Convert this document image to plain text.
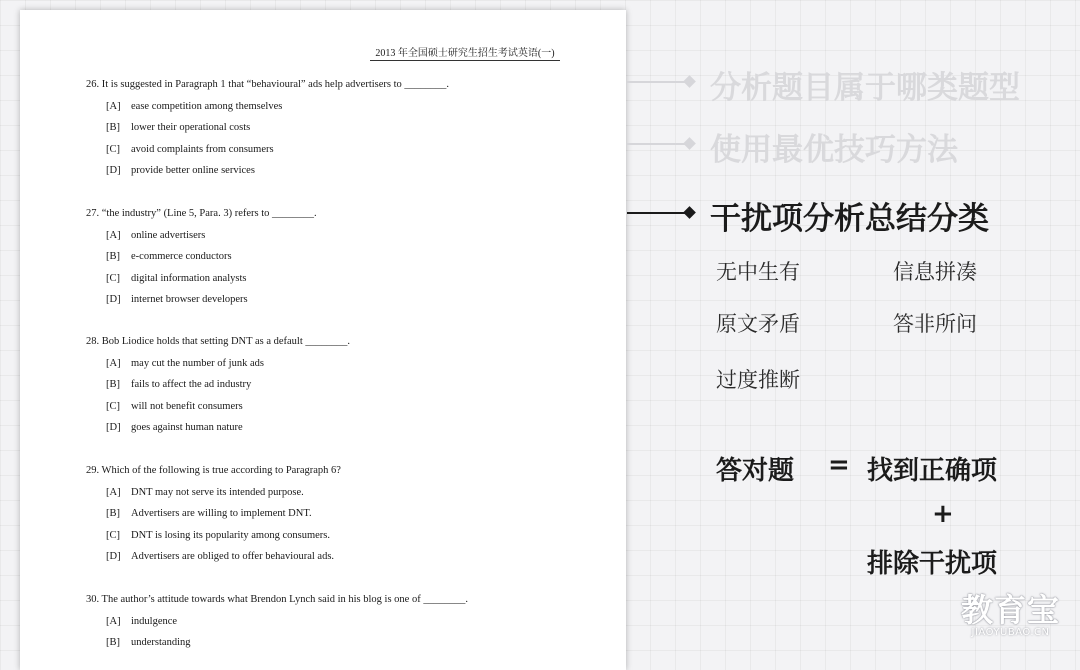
2013 年全国硕士研究生招生考试英语(一)
26. It is suggested in Paragraph 1 that “behavioural” ads help advertisers to ________.
[A] ease competition among themselves
[B] lower their operational costs
[C] avoid complaints from consumers
[D] provide better online services
27. “the industry” (Line 5, Para. 3) refers to ________.
[A] online advertisers
[B] e-commerce conductors
[C] digital information analysts
[D] internet browser developers
28. Bob Liodice holds that setting DNT as a default ________.
[A] may cut the number of junk ads
[B] fails to affect the ad industry
[C] will not benefit consumers
[D] goes against human nature
29. Which of the following is true according to Paragraph 6?
[A] DNT may not serve its intended purpose.
[B] Advertisers are willing to implement DNT.
[C] DNT is losing its popularity among consumers.
[D] Advertisers are obliged to offer behavioural ads.
30. The author’s attitude towards what Brendon Lynch said in his blog is one of ________.
[A] indulgence
[B] understanding
分析题目属于哪类题型
使用最优技巧方法
干扰项分析总结分类
无中生有	信息拼凑
原文矛盾	答非所问
过度推断
答对题 = 找到正确项
+
排除干扰项
教育宝
JIAOYUBAO.CN
